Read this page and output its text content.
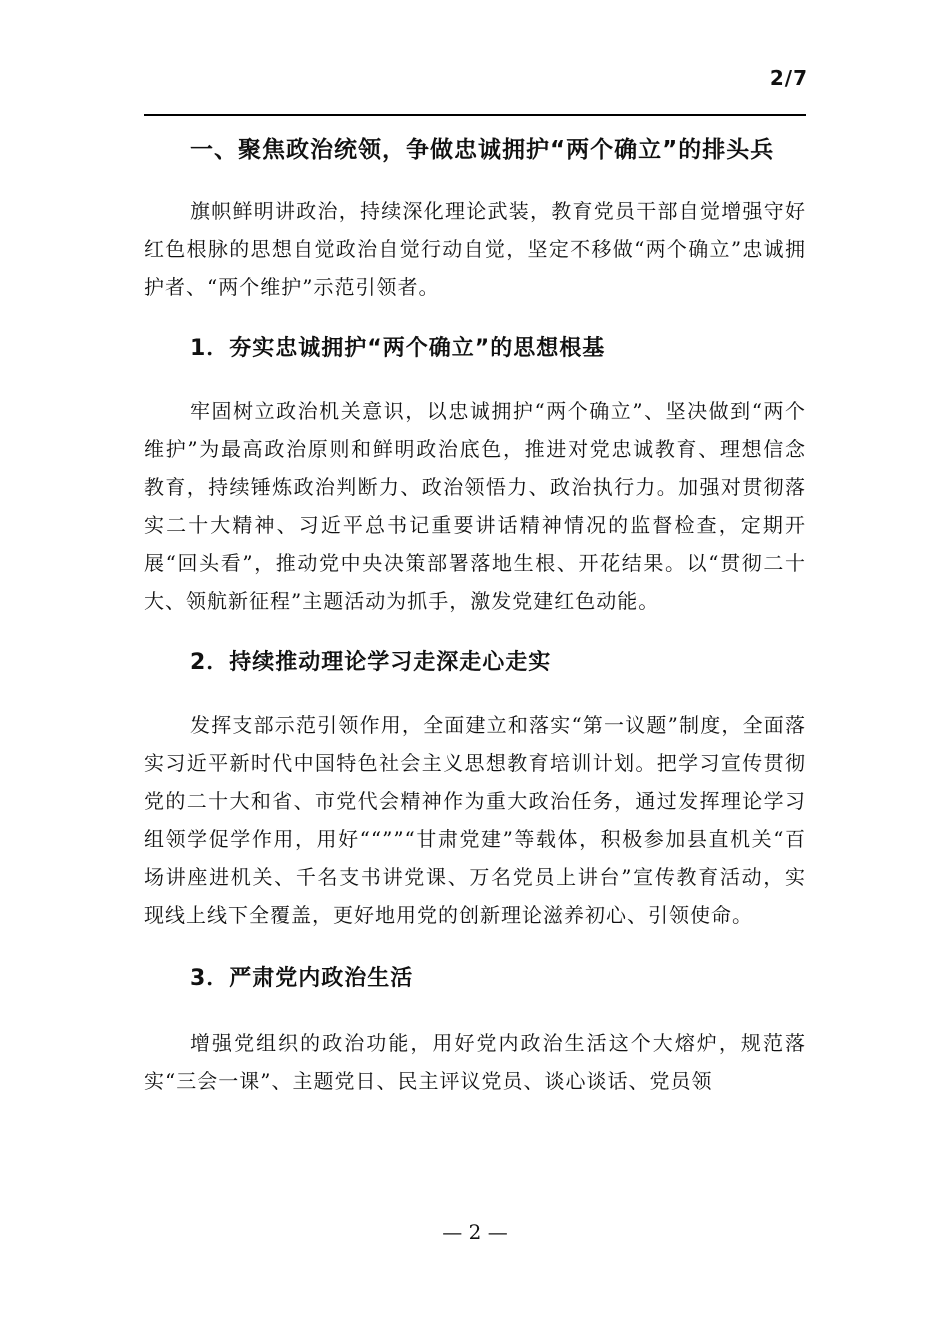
2/7
一、聚焦政治统领，争做忠诚拥护“两个确立”的排头兵

旗帜鲜明讲政治，持续深化理论武装，教育党员干部自觉增强守好红色根脉的思想自觉政治自觉行动自觉，坚定不移做“两个确立”忠诚拥护者、“两个维护”示范引领者。

1．夯实忠诚拥护“两个确立”的思想根基

牢固树立政治机关意识，以忠诚拥护“两个确立”、坚决做到“两个维护”为最高政治原则和鲜明政治底色，推进对党忠诚教育、理想信念教育，持续锤炼政治判断力、政治领悟力、政治执行力。加强对贯彻落实二十大精神、习近平总书记重要讲话精神情况的监督检查，定期开展“回头看”，推动党中央决策部署落地生根、开花结果。以“贯彻二十大、领航新征程”主题活动为抓手，激发党建红色动能。

2．持续推动理论学习走深走心走实

发挥支部示范引领作用，全面建立和落实“第一议题”制度，全面落实习近平新时代中国特色社会主义思想教育培训计划。把学习宣传贯彻党的二十大和省、市党代会精神作为重大政治任务，通过发挥理论学习组领学促学作用，用好““””“甘肃党建”等载体，积极参加县直机关“百场讲座进机关、千名支书讲党课、万名党员上讲台”宣传教育活动，实现线上线下全覆盖，更好地用党的创新理论滋养初心、引领使命。

3．严肃党内政治生活

增强党组织的政治功能，用好党内政治生活这个大熔炉，规范落实“三会一课”、主题党日、民主评议党员、谈心谈话、党员领

— 2 —
